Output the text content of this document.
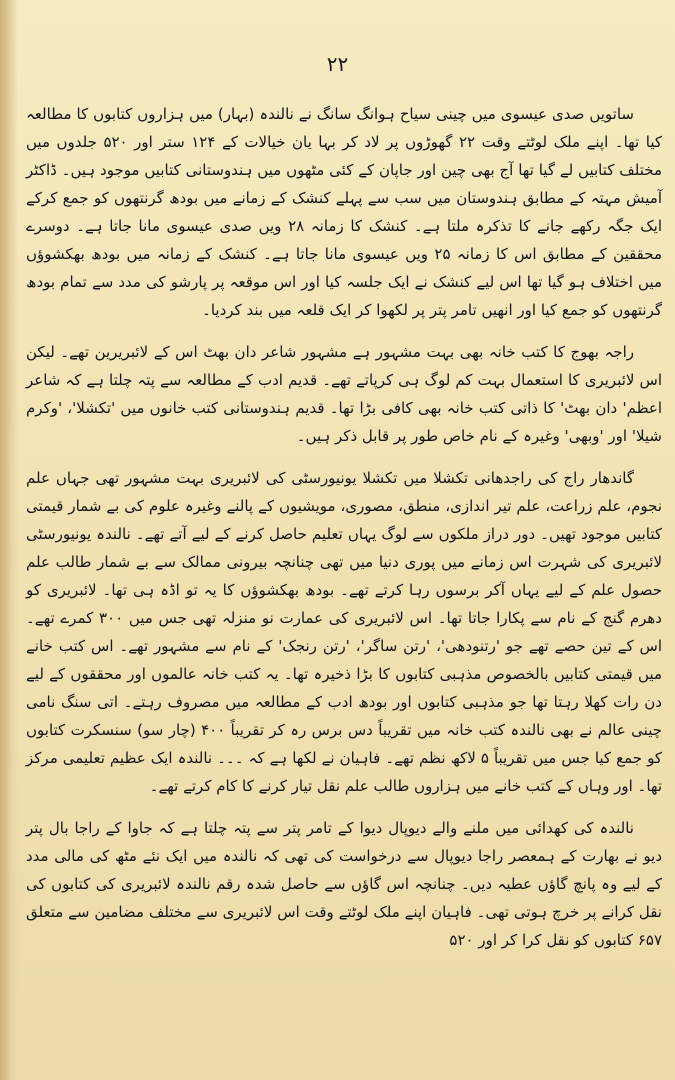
۲۲

ساتویں صدی عیسوی میں چینی سیاح ہوانگ سانگ نے نالندہ (بہار) میں ہزاروں کتابوں کا مطالعہ کیا تھا۔ اپنے ملک لوٹتے وقت ۲۲ گھوڑوں پر لاد کر بہا یان خیالات کے ۱۲۴ ستر اور ۵۲۰ جلدوں میں مختلف کتابیں لے گیا تھا آج بھی چین اور جاپان کے کئی مٹھوں میں ہندوستانی کتابیں موجود ہیں۔ ڈاکٹر آمیش مہتہ کے مطابق ہندوستان میں سب سے پہلے کنشک کے زمانے میں بودھ گرنتھوں کو جمع کرکے ایک جگہ رکھے جانے کا تذکرہ ملتا ہے۔ کنشک کا زمانہ ۲۸ ویں صدی عیسوی مانا جاتا ہے۔ دوسرے محققین کے مطابق اس کا زمانہ ۲۵ ویں عیسوی مانا جاتا ہے۔ کنشک کے زمانہ میں بودھ بھکشوؤں میں اختلاف ہو گیا تھا اس لیے کنشک نے ایک جلسہ کیا اور اس موقعہ پر پارشو کی مدد سے تمام بودھ گرنتھوں کو جمع کیا اور انھیں تامر پتر پر لکھوا کر ایک قلعہ میں بند کردیا۔

راجہ بھوج کا کتب خانہ بھی بہت مشہور ہے مشہور شاعر دان بھٹ اس کے لائبریرین تھے۔ لیکن اس لائبریری کا استعمال بہت کم لوگ ہی کرپاتے تھے۔ قدیم ادب کے مطالعہ سے پتہ چلتا ہے کہ شاعر اعظم' دان بھٹ' کا ذاتی کتب خانہ بھی کافی بڑا تھا۔ قدیم ہندوستانی کتب خانوں میں 'تکشلا'، 'وکرم شیلا' اور 'وبھی' وغیرہ کے نام خاص طور پر قابل ذکر ہیں۔

گاندھار راج کی راجدھانی تکشلا میں تکشلا یونیورسٹی کی لائبریری بہت مشہور تھی جہاں علم نجوم، علم زراعت، علم تیر اندازی، منطق، مصوری، مویشیوں کے پالنے وغیرہ علوم کی بے شمار قیمتی کتابیں موجود تھیں۔ دور دراز ملکوں سے لوگ یہاں تعلیم حاصل کرنے کے لیے آتے تھے۔ نالندہ یونیورسٹی لائبریری کی شہرت اس زمانے میں پوری دنیا میں تھی چنانچہ بیرونی ممالک سے بے شمار طالب علم حصول علم کے لیے یہاں آکر برسوں رہا کرتے تھے۔ بودھ بھکشوؤں کا یہ تو اڈہ ہی تھا۔ لائبریری کو دھرم گنج کے نام سے پکارا جاتا تھا۔ اس لائبریری کی عمارت نو منزلہ تھی جس میں ۳۰۰ کمرے تھے۔ اس کے تین حصے تھے جو 'رتنودھی'، 'رتن ساگر'، 'رتن رنجک' کے نام سے مشہور تھے۔ اس کتب خانے میں قیمتی کتابیں بالخصوص مذہبی کتابوں کا بڑا ذخیرہ تھا۔ یہ کتب خانہ عالموں اور محققوں کے لیے دن رات کھلا رہتا تھا جو مذہبی کتابوں اور بودھ ادب کے مطالعہ میں مصروف رہتے۔ اتی سنگ نامی چینی عالم نے بھی نالندہ کتب خانہ میں تقریباً دس برس رہ کر تقریباً ۴۰۰ (چار سو) سنسکرت کتابوں کو جمع کیا جس میں تقریباً ۵ لاکھ نظم تھے۔ فاہیان نے لکھا ہے کہ ۔۔۔ نالندہ ایک عظیم تعلیمی مرکز تھا۔ اور وہاں کے کتب خانے میں ہزاروں طالب علم نقل تیار کرنے کا کام کرتے تھے۔

نالندہ کی کھدائی میں ملنے والے دیوپال دیوا کے تامر پتر سے پتہ چلتا ہے کہ جاوا کے راجا بال پتر دیو نے بھارت کے ہمعصر راجا دیوپال سے درخواست کی تھی کہ نالندہ میں ایک نئے مٹھ کی مالی مدد کے لیے وہ پانچ گاؤں عطیہ دیں۔ چنانچہ اس گاؤں سے حاصل شدہ رقم نالندہ لائبریری کی کتابوں کی نقل کرانے پر خرچ ہوتی تھی۔ فاہیان اپنے ملک لوٹتے وقت اس لائبریری سے مختلف مضامین سے متعلق ۶۵۷ کتابوں کو نقل کرا کر اور ۵۲۰
